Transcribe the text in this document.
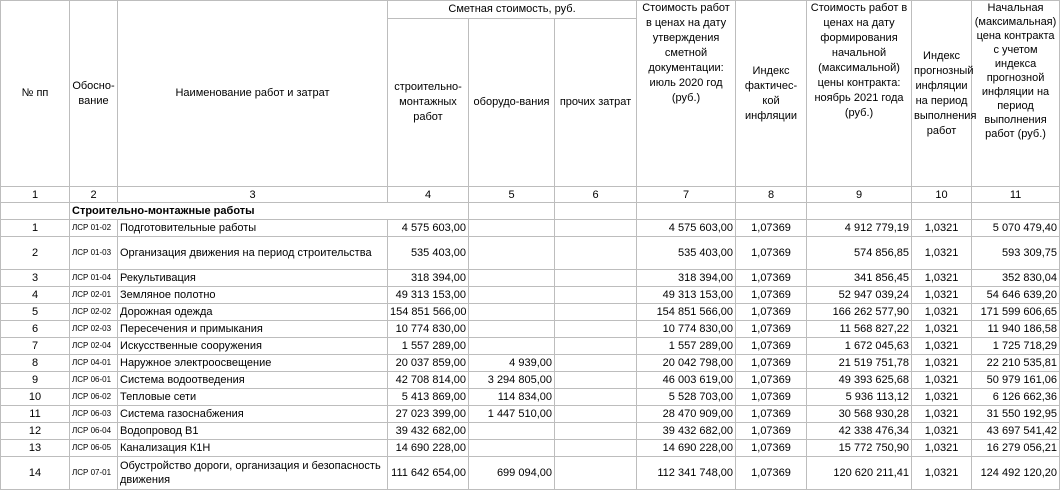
№ пп	Обосно-вание	Наименование работ и затрат	Сметная стоимость, руб.			Стоимость работ в ценах на дату утверждения сметной документации: июль 2020 год (руб.)	Индекс фактичес-кой инфляции	Стоимость работ в ценах на дату формирования начальной (максимальной) цены контракта: ноябрь 2021 года (руб.)	Индекс прогнозный инфляции на период выполнения работ	Начальная (максимальная) цена контракта с учетом индекса прогнозной инфляции на период выполнения работ (руб.)
			строительно-монтажных работ	оборудо-вания	прочих затрат					
1	2	3	4	5	6	7	8	9	10	11
	Строительно-монтажные работы									
1	ЛСР 01-02	Подготовительные работы	4 575 603,00			4 575 603,00	1,07369	4 912 779,19	1,0321	5 070 479,40
2	ЛСР 01-03	Организация движения на период строительства	535 403,00			535 403,00	1,07369	574 856,85	1,0321	593 309,75
3	ЛСР 01-04	Рекультивация	318 394,00			318 394,00	1,07369	341 856,45	1,0321	352 830,04
4	ЛСР 02-01	Земляное полотно	49 313 153,00			49 313 153,00	1,07369	52 947 039,24	1,0321	54 646 639,20
5	ЛСР 02-02	Дорожная одежда	154 851 566,00			154 851 566,00	1,07369	166 262 577,90	1,0321	171 599 606,65
6	ЛСР 02-03	Пересечения и примыкания	10 774 830,00			10 774 830,00	1,07369	11 568 827,22	1,0321	11 940 186,58
7	ЛСР 02-04	Искусственные сооружения	1 557 289,00			1 557 289,00	1,07369	1 672 045,63	1,0321	1 725 718,29
8	ЛСР 04-01	Наружное электроосвещение	20 037 859,00	4 939,00		20 042 798,00	1,07369	21 519 751,78	1,0321	22 210 535,81
9	ЛСР 06-01	Система водоотведения	42 708 814,00	3 294 805,00		46 003 619,00	1,07369	49 393 625,68	1,0321	50 979 161,06
10	ЛСР 06-02	Тепловые сети	5 413 869,00	114 834,00		5 528 703,00	1,07369	5 936 113,12	1,0321	6 126 662,36
11	ЛСР 06-03	Система газоснабжения	27 023 399,00	1 447 510,00		28 470 909,00	1,07369	30 568 930,28	1,0321	31 550 192,95
12	ЛСР 06-04	Водопровод В1	39 432 682,00			39 432 682,00	1,07369	42 338 476,34	1,0321	43 697 541,42
13	ЛСР 06-05	Канализация К1Н	14 690 228,00			14 690 228,00	1,07369	15 772 750,90	1,0321	16 279 056,21
14	ЛСР 07-01	Обустройство дороги, организация и безопасность движения	111 642 654,00	699 094,00		112 341 748,00	1,07369	120 620 211,41	1,0321	124 492 120,20
